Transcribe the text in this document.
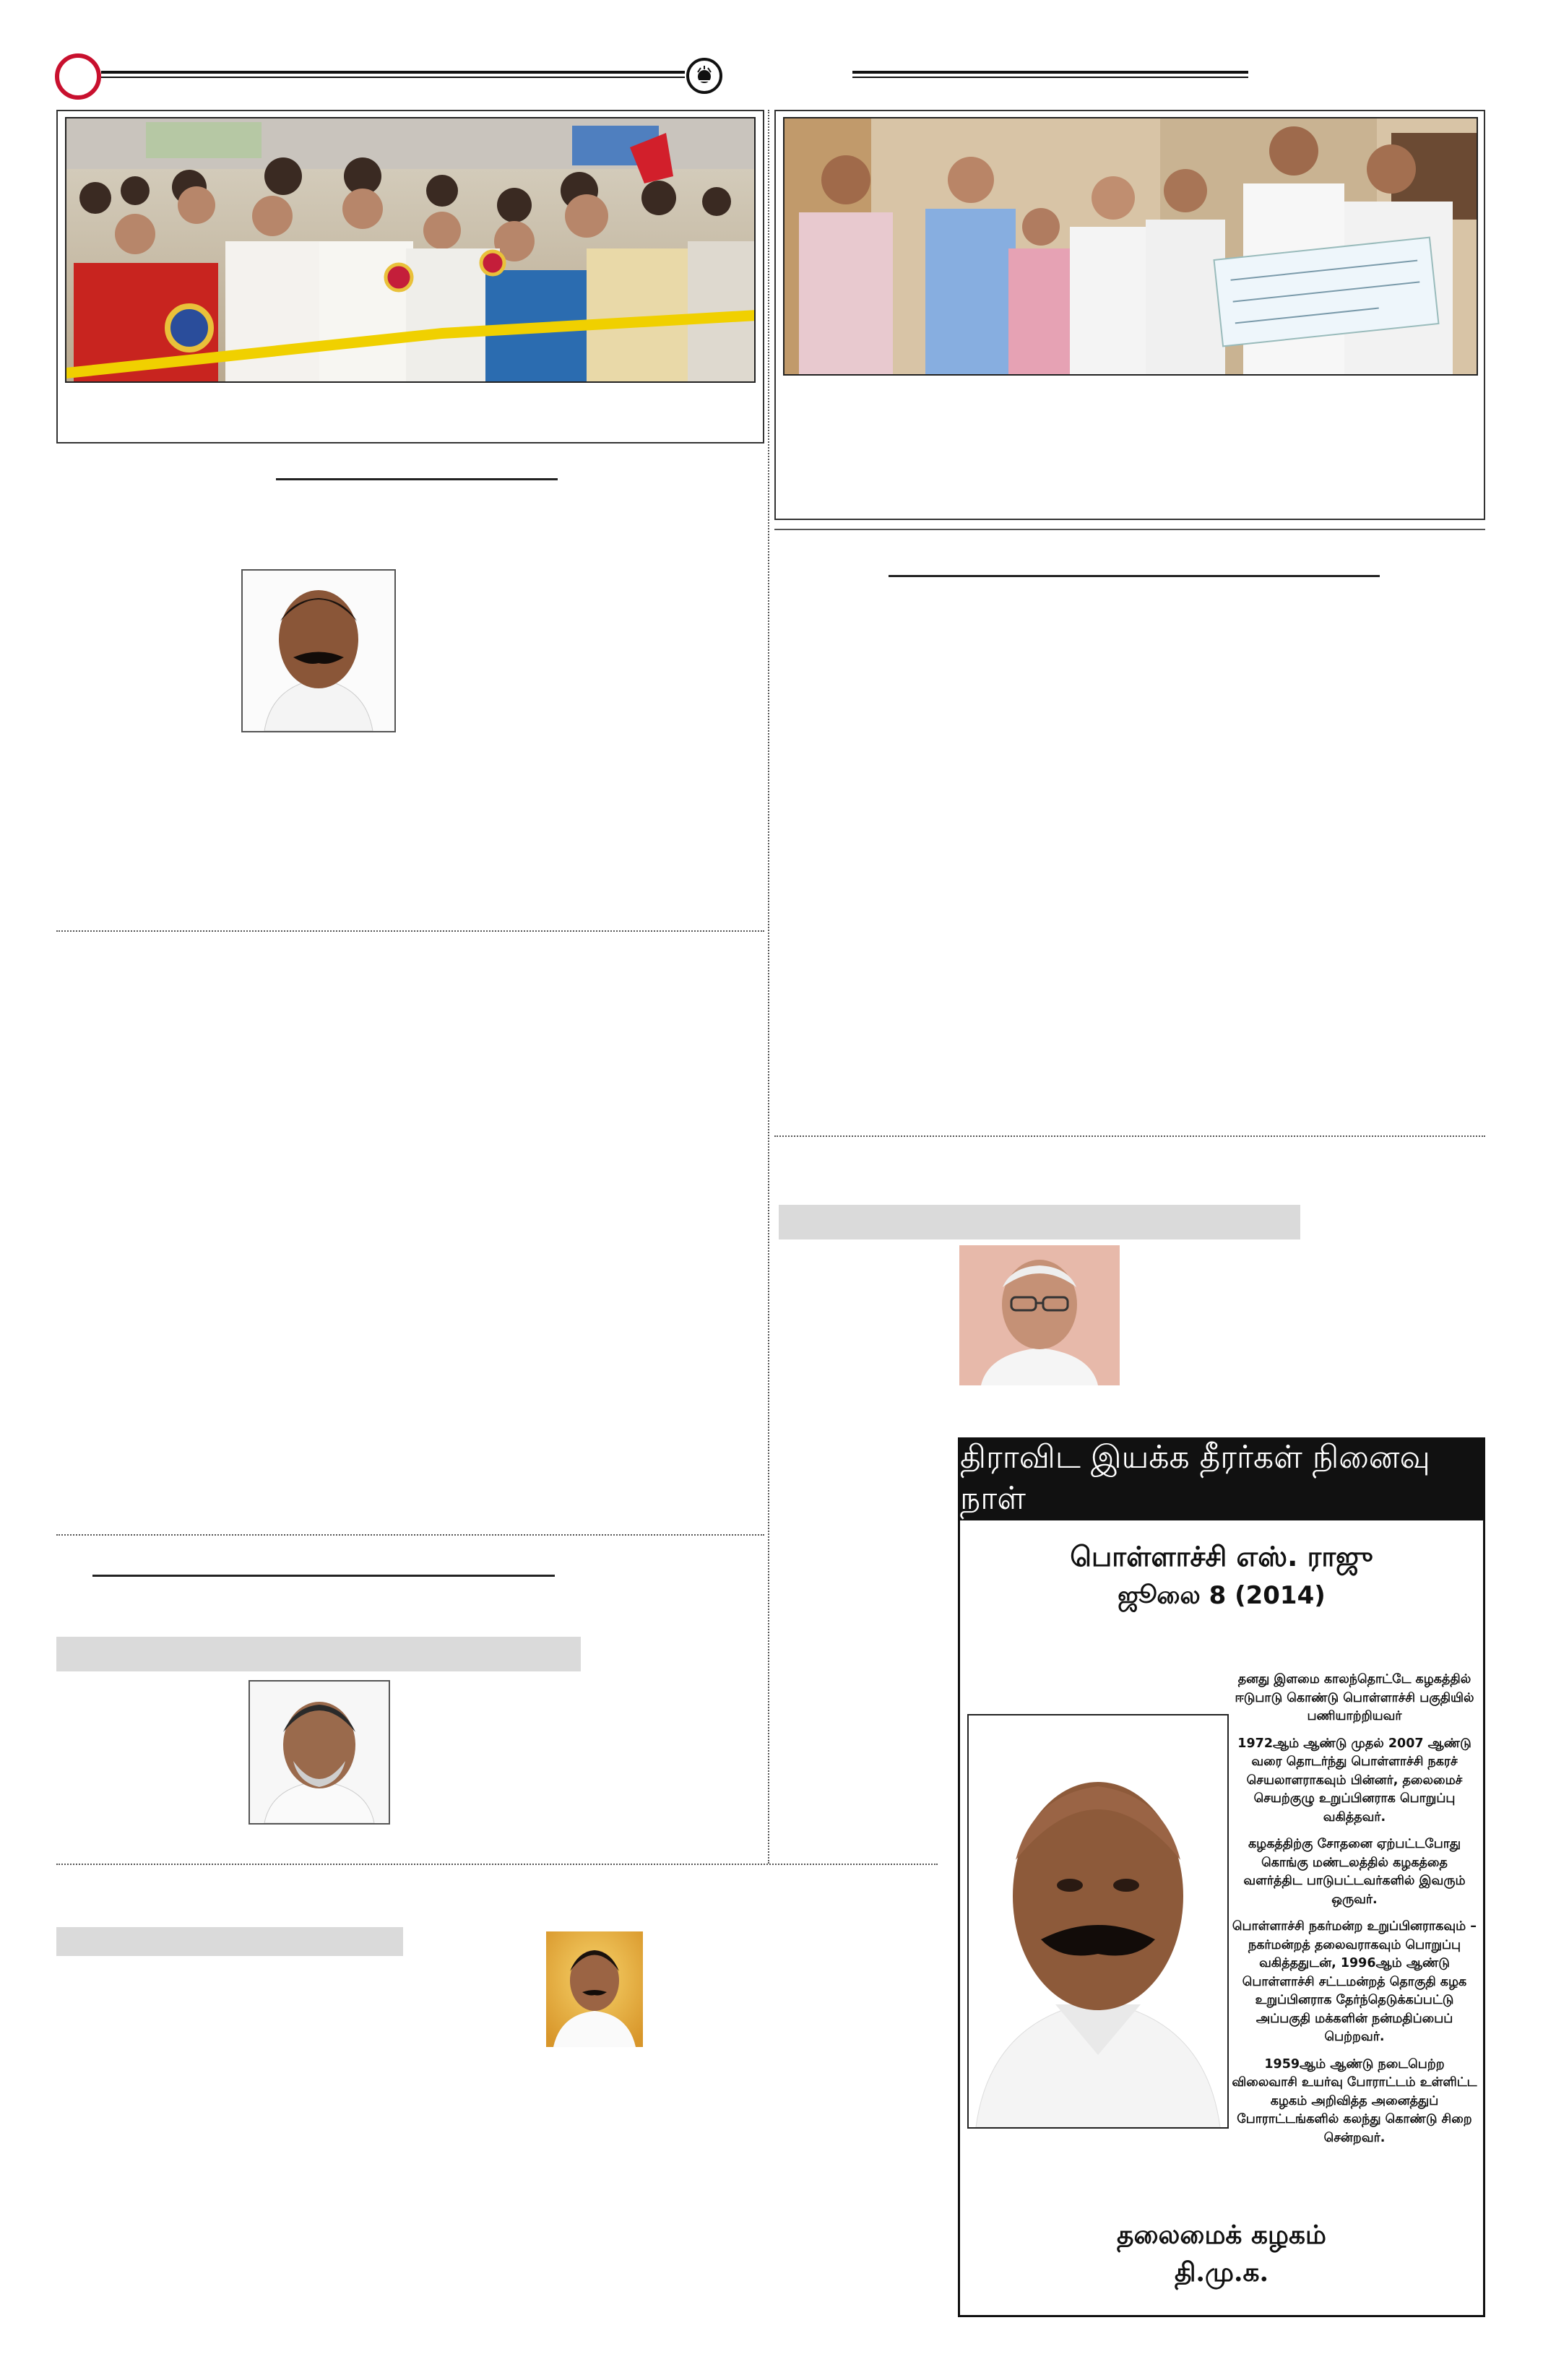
திராவிட இயக்க தீரர்கள் நினைவு நாள்
பொள்ளாச்சி எஸ். ராஜு
ஜூலை 8 (2014)

தனது இளமை காலந்தொட்டே கழகத்தில் ஈடுபாடு கொண்டு பொள்ளாச்சி பகுதியில் பணியாற்றியவர்

1972ஆம் ஆண்டு முதல் 2007 ஆண்டு வரை தொடர்ந்து பொள்ளாச்சி நகரச் செயலாளராகவும் பின்னர், தலைமைச் செயற்குழு உறுப்பினராக பொறுப்பு வகித்தவர்.

கழகத்திற்கு சோதனை ஏற்பட்டபோது கொங்கு மண்டலத்தில் கழகத்தை வளர்த்திட பாடுபட்டவர்களில் இவரும் ஒருவர்.

பொள்ளாச்சி நகர்மன்ற உறுப்பினராகவும் – நகர்மன்றத் தலைவராகவும் பொறுப்பு வகித்ததுடன், 1996ஆம் ஆண்டு பொள்ளாச்சி சட்டமன்றத் தொகுதி கழக உறுப்பினராக தேர்ந்தெடுக்கப்பட்டு அப்பகுதி மக்களின் நன்மதிப்பைப் பெற்றவர்.

1959ஆம் ஆண்டு நடைபெற்ற விலைவாசி உயர்வு போராட்டம் உள்ளிட்ட கழகம் அறிவித்த அனைத்துப் போராட்டங்களில் கலந்து கொண்டு சிறை சென்றவர்.

தலைமைக் கழகம்
தி.மு.க.
